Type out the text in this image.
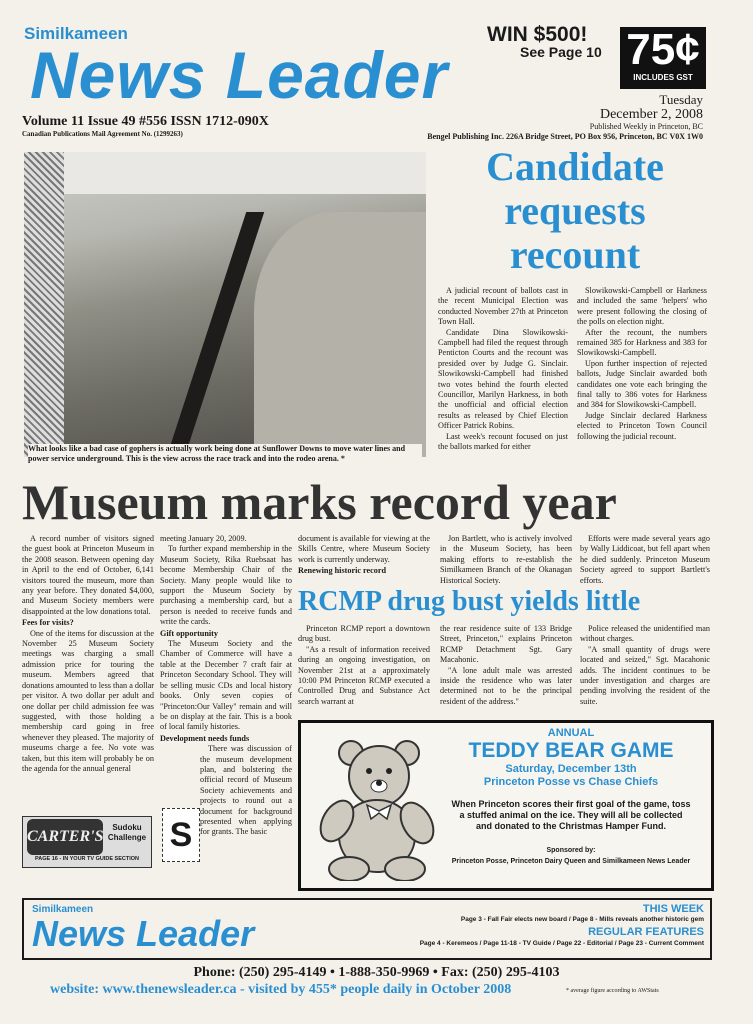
Similkameen
News Leader
WIN $500!
See Page 10 75¢
INCLUDES GST
Volume 11 Issue 49 #556 ISSN 1712-090X
Canadian Publications Mail Agreement No. (1299263)
Tuesday
December 2, 2008
Published Weekly in Princeton, BC
Bengel Publishing Inc. 226A Bridge Street, PO Box 956, Princeton, BC V0X 1W0
What looks like a bad case of gophers is actually work being done at Sunflower Downs to move water lines and power service underground. This is the view across the race track and into the rodeo arena. *
Candidate requests recount

A judicial recount of ballots cast in the recent Municipal Election was conducted November 27th at Princeton Town Hall.

Candidate Dina Slowikowski-Campbell had filed the request through Penticton Courts and the recount was presided over by Judge G. Sinclair. Slowikowski-Campbell had finished two votes behind the fourth elected Councillor, Marilyn Harkness, in both the unofficial and official election results as released by Chief Election Officer Patrick Robins.

Last week's recount focused on just the ballots marked for either

Slowikowski-Campbell or Harkness and included the same 'helpers' who were present following the closing of the polls on election night.

After the recount, the numbers remained 385 for Harkness and 383 for Slowikowski-Campbell.

Upon further inspection of rejected ballots, Judge Sinclair awarded both candidates one vote each bringing the final tally to 386 votes for Harkness and 384 for Slowikowski-Campbell.

Judge Sinclair declared Harkness elected to Princeton Town Council following the judicial recount.

Museum marks record year

A record number of visitors signed the guest book at Princeton Museum in the 2008 season. Between opening day in April to the end of October, 6,141 visitors toured the museum, more than any year before. They donated $4,000, and Museum Society members were disappointed at the low donations total.

Fees for visits?

One of the items for discussion at the November 25 Museum Society meetings was charging a small admission price for touring the museum. Members agreed that donations amounted to less than a dollar per visitor. A two dollar per adult and one dollar per child admission fee was suggested, with those holding a membership card going in free whenever they pleased. The majority of museums charge a fee. No vote was taken, but this item will probably be on the agenda for the annual general

meeting January 20, 2009.

To further expand membership in the Museum Society, Rika Ruebsaat has become Membership Chair of the Society. Many people would like to support the Museum Society by purchasing a membership card, but a person is needed to receive funds and write the cards.

Gift opportunity

The Museum Society and the Chamber of Commerce will have a table at the December 7 craft fair at Princeton Secondary School. They will be selling music CDs and local history books. Only seven copies of "Princeton:Our Valley" remain and will be on display at the fair. This is a book of local family histories.

Development needs funds

There was discussion of the museum development plan, and bolstering the official record of Museum Society achievements and projects to round out a document for background presented when applying for grants. The basic

document is available for viewing at the Skills Centre, where Museum Society work is currently underway.

Renewing historic record

Jon Bartlett, who is actively involved in the Museum Society, has been making efforts to re-establish the Similkameen Branch of the Okanagan Historical Society.

Efforts were made several years ago by Wally Liddicoat, but fell apart when he died suddenly. Princeton Museum Society agreed to support Bartlett's efforts.

RCMP drug bust yields little

Princeton RCMP report a downtown drug bust.

"As a result of information received during an ongoing investigation, on November 21st at a approximately 10:00 PM Princeton RCMP executed a Controlled Drug and Substance Act search warrant at

the rear residence suite of 133 Bridge Street, Princeton," explains Princeton RCMP Detachment Sgt. Gary Macahonic.

"A lone adult male was arrested inside the residence who was later determined not to be the principal resident of the address."

Police released the unidentified man without charges.

"A small quantity of drugs were located and seized," Sgt. Macahonic adds. The incident continues to be under investigation and charges are pending involving the resident of the suite.

CARTER'S
Sudoku Challenge
PAGE 16 - IN YOUR TV GUIDE SECTION
S
ANNUAL
TEDDY BEAR GAME
Saturday, December 13th
Princeton Posse vs Chase Chiefs
When Princeton scores their first goal of the game, toss a stuffed animal on the ice. They will all be collected and donated to the Christmas Hamper Fund.
Sponsored by:
Princeton Posse, Princeton Dairy Queen and Similkameen News Leader
Similkameen
News Leader
THIS WEEK
Page 3 - Fall Fair elects new board / Page 8 - Mills reveals another historic gem
REGULAR FEATURES
Page 4 - Keremeos / Page 11-18 - TV Guide / Page 22 - Editorial / Page 23 - Current Comment
Phone: (250) 295-4149 • 1-888-350-9969 • Fax: (250) 295-4103
website: www.thenewsleader.ca - visited by 455* people daily in October 2008	* average figure according to AWStats
